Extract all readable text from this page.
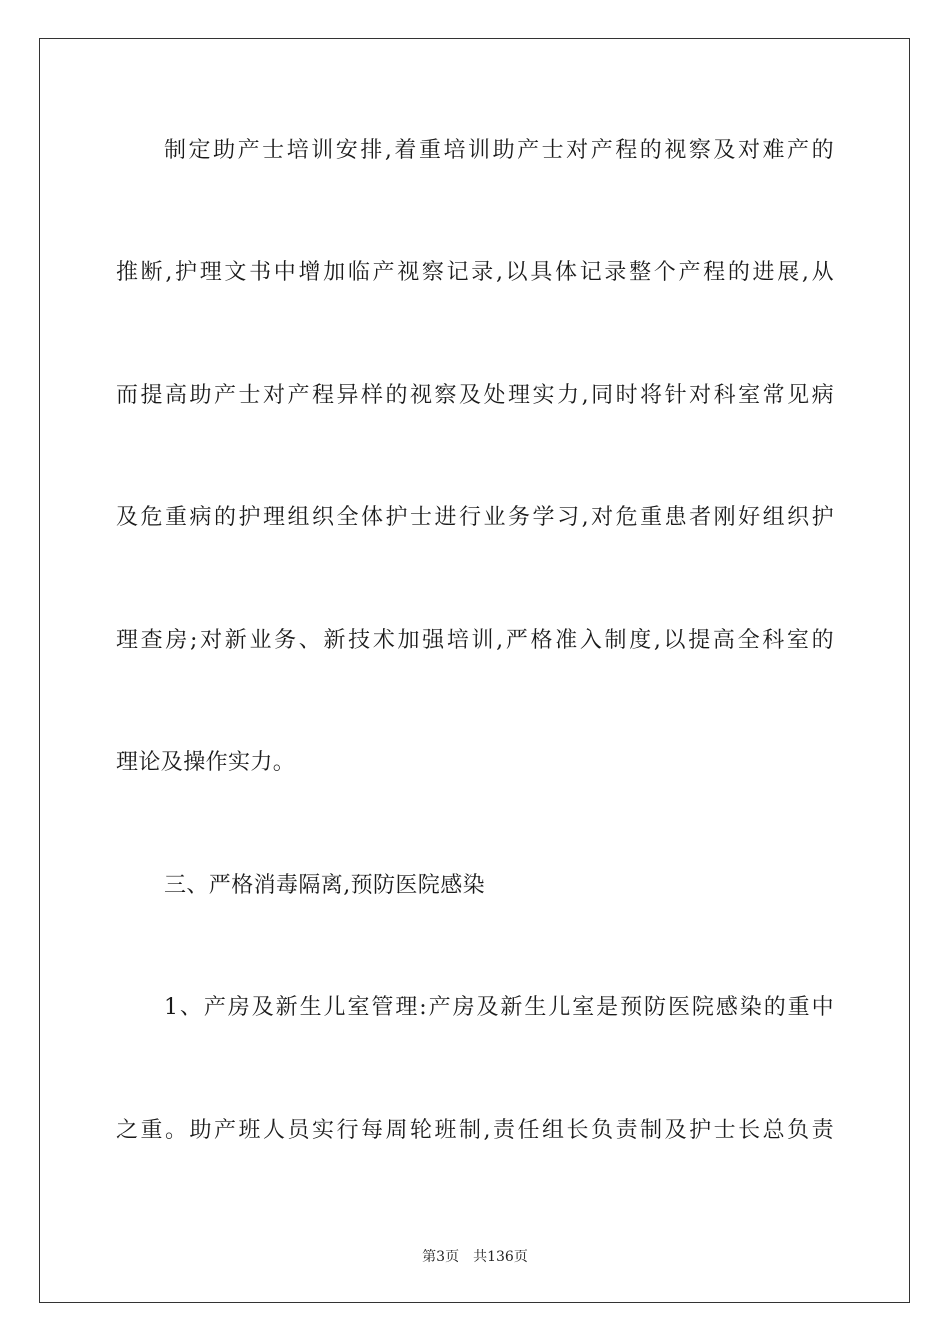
制定助产士培训安排,着重培训助产士对产程的视察及对难产的
推断,护理文书中增加临产视察记录,以具体记录整个产程的进展,从
而提高助产士对产程异样的视察及处理实力,同时将针对科室常见病
及危重病的护理组织全体护士进行业务学习,对危重患者刚好组织护
理查房;对新业务、新技术加强培训,严格准入制度,以提高全科室的
理论及操作实力。
三、严格消毒隔离,预防医院感染
1、产房及新生儿室管理:产房及新生儿室是预防医院感染的重中
之重。助产班人员实行每周轮班制,责任组长负责制及护士长总负责
第3页 共136页
